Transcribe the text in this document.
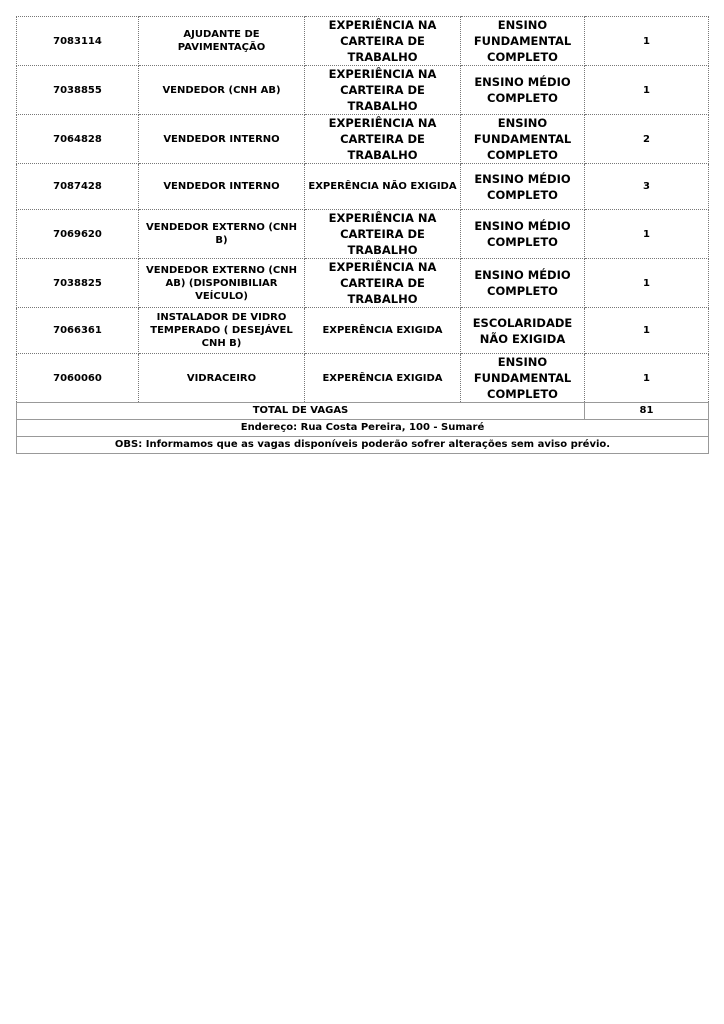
7083114	AJUDANTE DE PAVIMENTAÇÃO	EXPERIÊNCIA NA CARTEIRA DE TRABALHO	ENSINO FUNDAMENTAL COMPLETO	1
7038855	VENDEDOR (CNH AB)	EXPERIÊNCIA NA CARTEIRA DE TRABALHO	ENSINO MÉDIO COMPLETO	1
7064828	VENDEDOR INTERNO	EXPERIÊNCIA NA CARTEIRA DE TRABALHO	ENSINO FUNDAMENTAL COMPLETO	2
7087428	VENDEDOR INTERNO	EXPERÊNCIA NÃO EXIGIDA	ENSINO MÉDIO COMPLETO	3
7069620	VENDEDOR EXTERNO (CNH B)	EXPERIÊNCIA NA CARTEIRA DE TRABALHO	ENSINO MÉDIO COMPLETO	1
7038825	VENDEDOR EXTERNO (CNH AB) (DISPONIBILIAR VEÍCULO)	EXPERIÊNCIA NA CARTEIRA DE TRABALHO	ENSINO MÉDIO COMPLETO	1
7066361	INSTALADOR DE VIDRO TEMPERADO ( DESEJÁVEL CNH B)	EXPERÊNCIA EXIGIDA	ESCOLARIDADE NÃO EXIGIDA	1
7060060	VIDRACEIRO	EXPERÊNCIA EXIGIDA	ENSINO FUNDAMENTAL COMPLETO	1
TOTAL DE VAGAS				81
Endereço: Rua Costa Pereira, 100 - Sumaré				
OBS: Informamos que as vagas disponíveis poderão sofrer alterações sem aviso prévio.				
